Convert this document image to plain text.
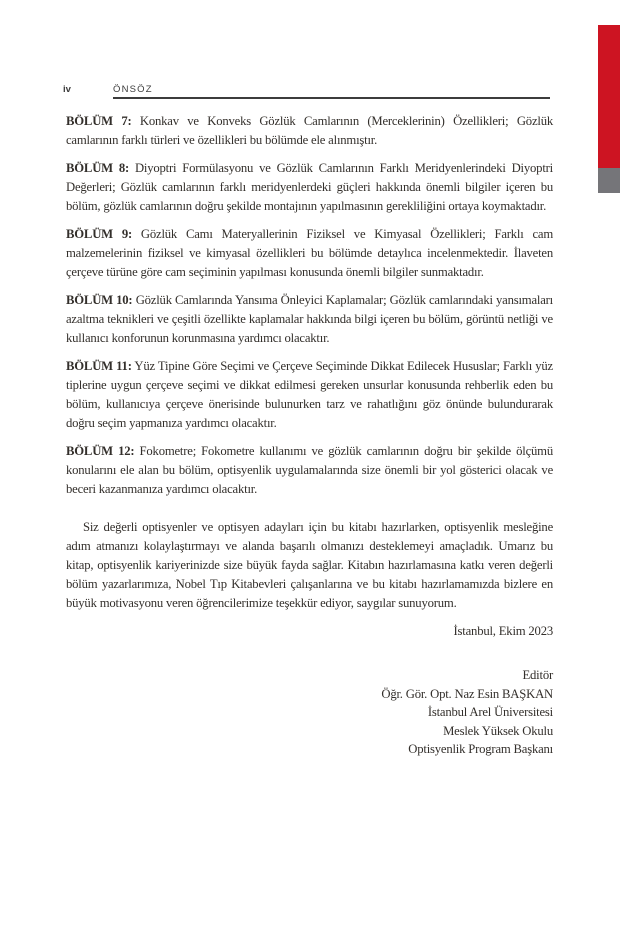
iv	ÖNSÖZ

BÖLÜM 7: Konkav ve Konveks Gözlük Camlarının (Merceklerinin) Özellikleri; Gözlük camlarının farklı türleri ve özellikleri bu bölümde ele alınmıştır.

BÖLÜM 8: Diyoptri Formülasyonu ve Gözlük Camlarının Farklı Meridyenlerindeki Diyoptri Değerleri; Gözlük camlarının farklı meridyenlerdeki güçleri hakkında önemli bilgiler içeren bu bölüm, gözlük camlarının doğru şekilde montajının yapılmasının gerekliliğini ortaya koymaktadır.

BÖLÜM 9: Gözlük Camı Materyallerinin Fiziksel ve Kimyasal Özellikleri; Farklı cam malzemelerinin fiziksel ve kimyasal özellikleri bu bölümde detaylıca incelenmektedir. İlaveten çerçeve türüne göre cam seçiminin yapılması konusunda önemli bilgiler sunmaktadır.

BÖLÜM 10: Gözlük Camlarında Yansıma Önleyici Kaplamalar; Gözlük camlarındaki yansımaları azaltma teknikleri ve çeşitli özellikte kaplamalar hakkında bilgi içeren bu bölüm, görüntü netliği ve kullanıcı konforunun korunmasına yardımcı olacaktır.

BÖLÜM 11: Yüz Tipine Göre Seçimi ve Çerçeve Seçiminde Dikkat Edilecek Hususlar; Farklı yüz tiplerine uygun çerçeve seçimi ve dikkat edilmesi gereken unsurlar konusunda rehberlik eden bu bölüm, kullanıcıya çerçeve önerisinde bulunurken tarz ve rahatlığını göz önünde bulundurarak doğru seçim yapmanıza yardımcı olacaktır.

BÖLÜM 12: Fokometre; Fokometre kullanımı ve gözlük camlarının doğru bir şekilde ölçümü konularını ele alan bu bölüm, optisyenlik uygulamalarında size önemli bir yol gösterici olacak ve beceri kazanmanıza yardımcı olacaktır.

Siz değerli optisyenler ve optisyen adayları için bu kitabı hazırlarken, optisyenlik mesleğine adım atmanızı kolaylaştırmayı ve alanda başarılı olmanızı desteklemeyi amaçladık. Umarız bu kitap, optisyenlik kariyerinizde size büyük fayda sağlar. Kitabın hazırlamasına katkı veren değerli bölüm yazarlarımıza, Nobel Tıp Kitabevleri çalışanlarına ve bu kitabı hazırlamamızda bizlere en büyük motivasyonu veren öğrencilerimize teşekkür ediyor, saygılar sunuyorum.

İstanbul, Ekim 2023

Editör
Öğr. Gör. Opt. Naz Esin BAŞKAN
İstanbul Arel Üniversitesi
Meslek Yüksek Okulu
Optisyenlik Program Başkanı
